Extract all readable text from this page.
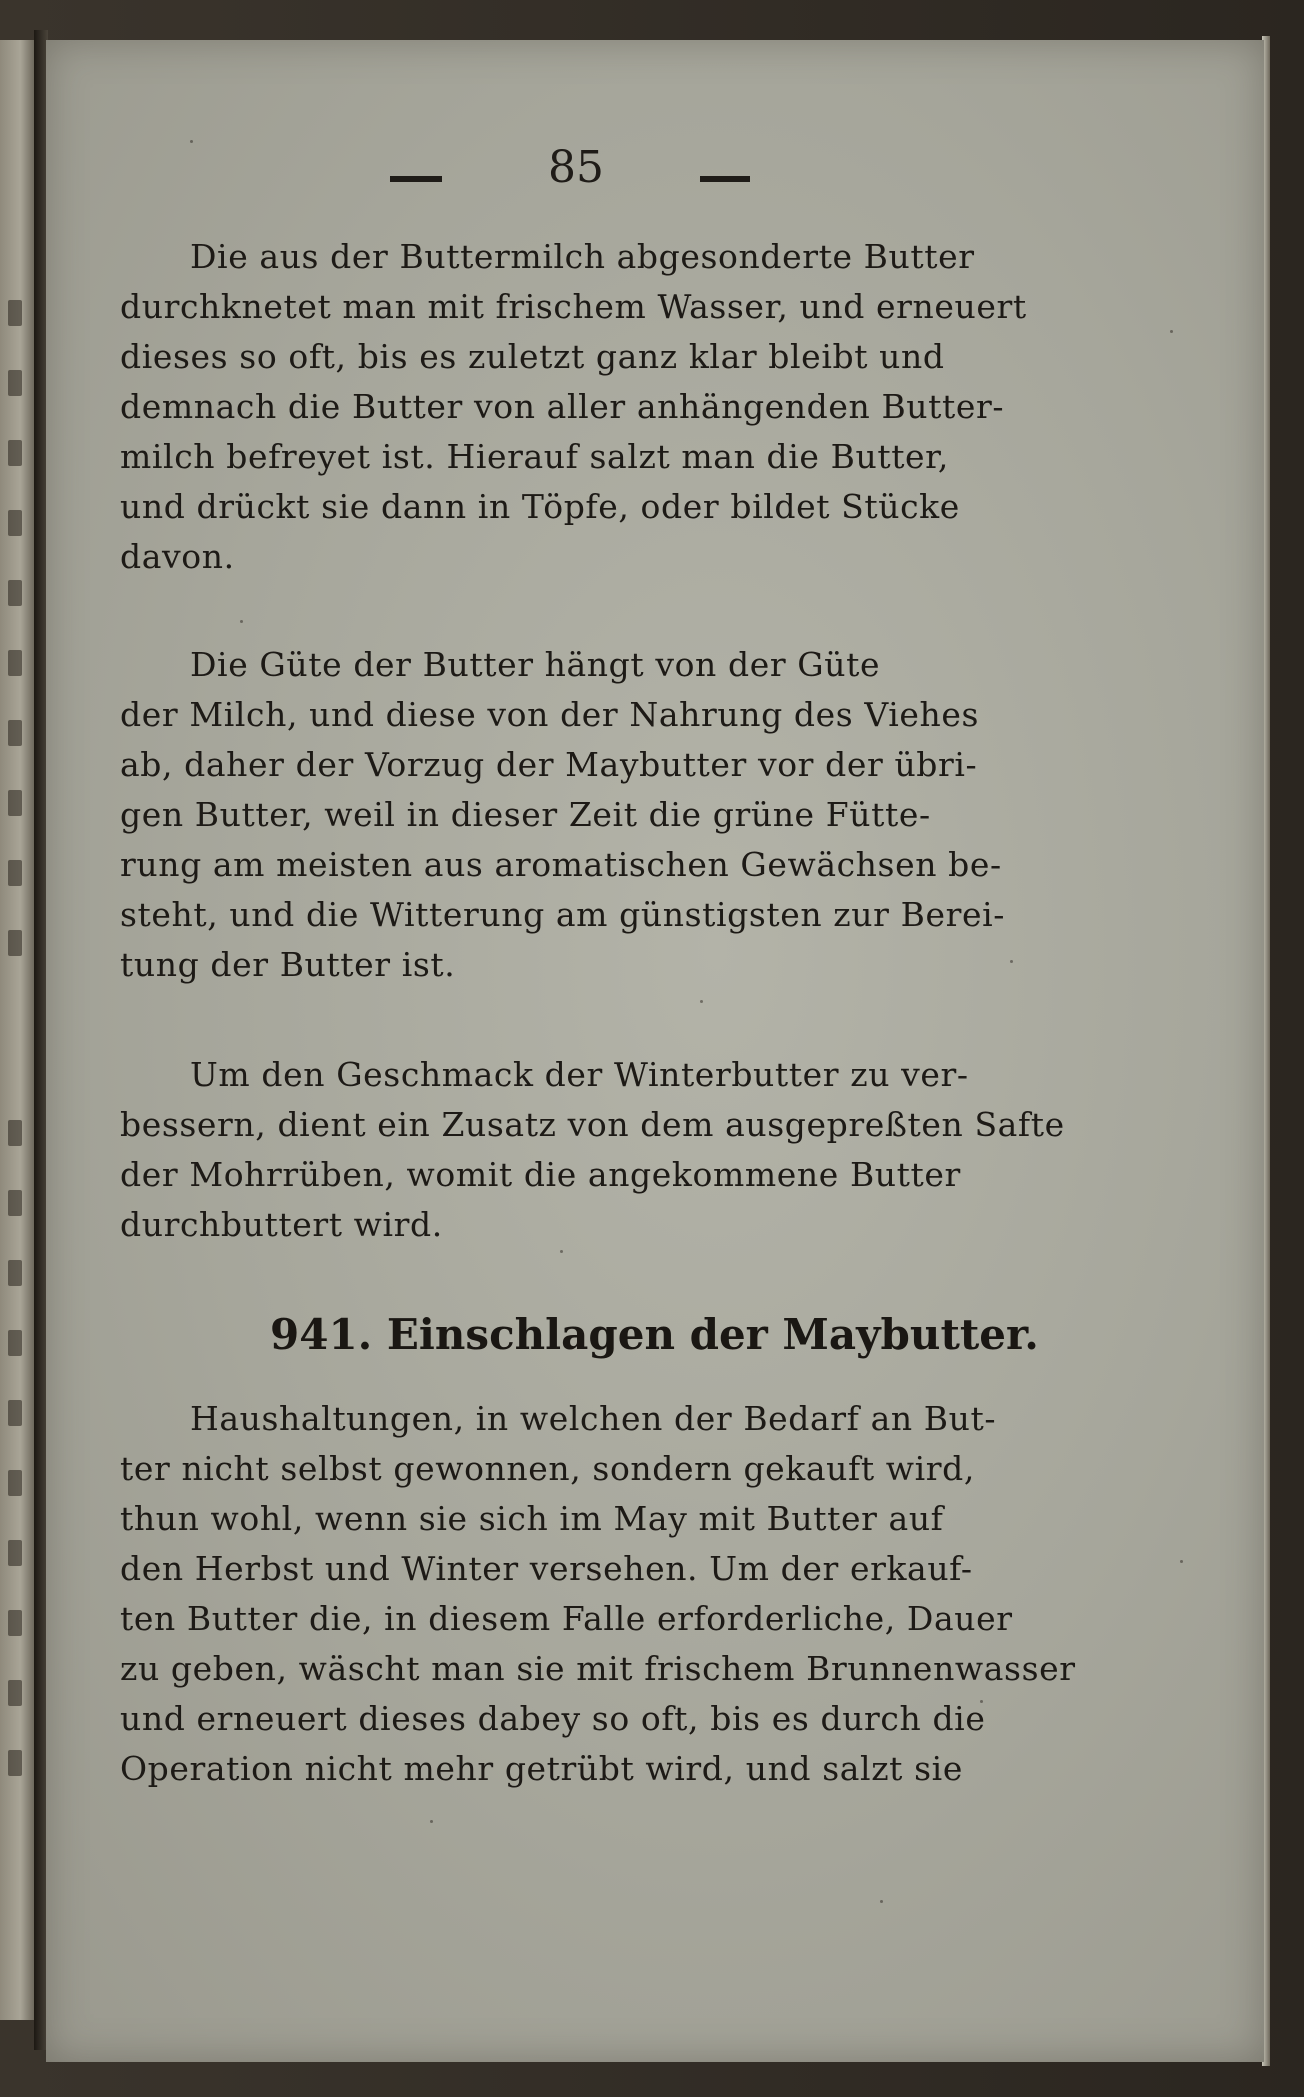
85
Die aus der Buttermilch abgesonderte Butter
durchknetet man mit frischem Wasser, und erneuert
dieses so oft, bis es zuletzt ganz klar bleibt und
demnach die Butter von aller anhängenden Butter-
milch befreyet ist. Hierauf salzt man die Butter,
und drückt sie dann in Töpfe, oder bildet Stücke
davon.
Die Güte der Butter hängt von der Güte
der Milch, und diese von der Nahrung des Viehes
ab, daher der Vorzug der Maybutter vor der übri-
gen Butter, weil in dieser Zeit die grüne Fütte-
rung am meisten aus aromatischen Gewächsen be-
steht, und die Witterung am günstigsten zur Berei-
tung der Butter ist.
Um den Geschmack der Winterbutter zu ver-
bessern, dient ein Zusatz von dem ausgepreßten Safte
der Mohrrüben, womit die angekommene Butter
durchbuttert wird.
941. Einschlagen der Maybutter.
Haushaltungen, in welchen der Bedarf an But-
ter nicht selbst gewonnen, sondern gekauft wird,
thun wohl, wenn sie sich im May mit Butter auf
den Herbst und Winter versehen. Um der erkauf-
ten Butter die, in diesem Falle erforderliche, Dauer
zu geben, wäscht man sie mit frischem Brunnenwasser
und erneuert dieses dabey so oft, bis es durch die
Operation nicht mehr getrübt wird, und salzt sie
